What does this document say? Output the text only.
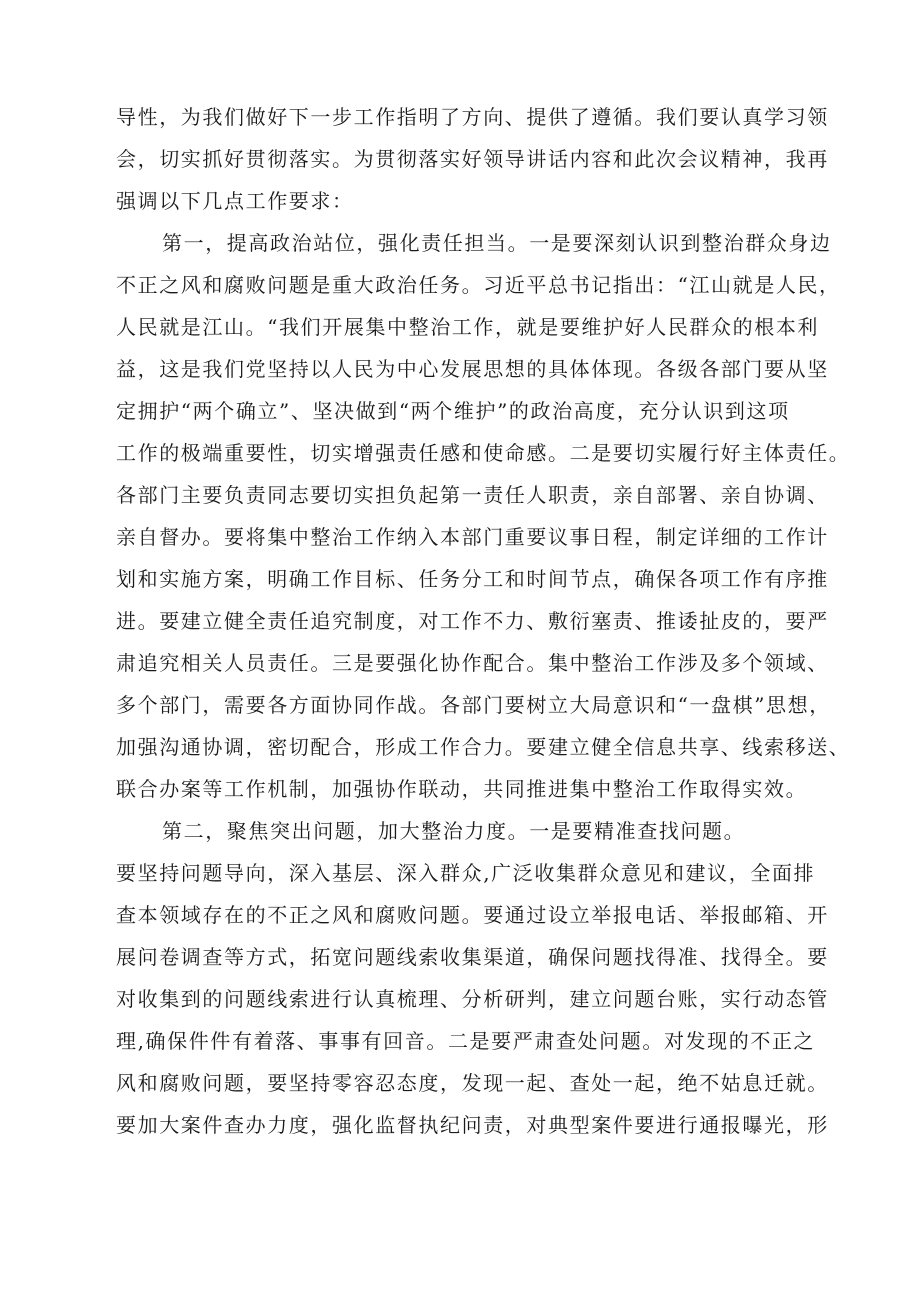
导性，为我们做好下一步工作指明了方向、提供了遵循。我们要认真学习领
会，切实抓好贯彻落实。为贯彻落实好领导讲话内容和此次会议精神，我再
强调以下几点工作要求：
第一，提高政治站位，强化责任担当。一是要深刻认识到整治群众身边
不正之风和腐败问题是重大政治任务。习近平总书记指出：“江山就是人民，
人民就是江山。“我们开展集中整治工作，就是要维护好人民群众的根本利
益，这是我们党坚持以人民为中心发展思想的具体体现。各级各部门要从坚
定拥护“两个确立”、坚决做到“两个维护”的政治高度，充分认识到这项
工作的极端重要性，切实增强责任感和使命感。二是要切实履行好主体责任。
各部门主要负责同志要切实担负起第一责任人职责，亲自部署、亲自协调、
亲自督办。要将集中整治工作纳入本部门重要议事日程，制定详细的工作计
划和实施方案，明确工作目标、任务分工和时间节点，确保各项工作有序推
进。要建立健全责任追究制度，对工作不力、敷衍塞责、推诿扯皮的，要严
肃追究相关人员责任。三是要强化协作配合。集中整治工作涉及多个领域、
多个部门，需要各方面协同作战。各部门要树立大局意识和“一盘棋”思想，
加强沟通协调，密切配合，形成工作合力。要建立健全信息共享、线索移送、
联合办案等工作机制，加强协作联动，共同推进集中整治工作取得实效。
第二，聚焦突出问题，加大整治力度。一是要精准查找问题。
要坚持问题导向，深入基层、深入群众,广泛收集群众意见和建议，全面排
查本领域存在的不正之风和腐败问题。要通过设立举报电话、举报邮箱、开
展问卷调查等方式，拓宽问题线索收集渠道，确保问题找得准、找得全。要
对收集到的问题线索进行认真梳理、分析研判，建立问题台账，实行动态管
理,确保件件有着落、事事有回音。二是要严肃查处问题。对发现的不正之
风和腐败问题，要坚持零容忍态度，发现一起、查处一起，绝不姑息迁就。
要加大案件查办力度，强化监督执纪问责，对典型案件要进行通报曝光，形
